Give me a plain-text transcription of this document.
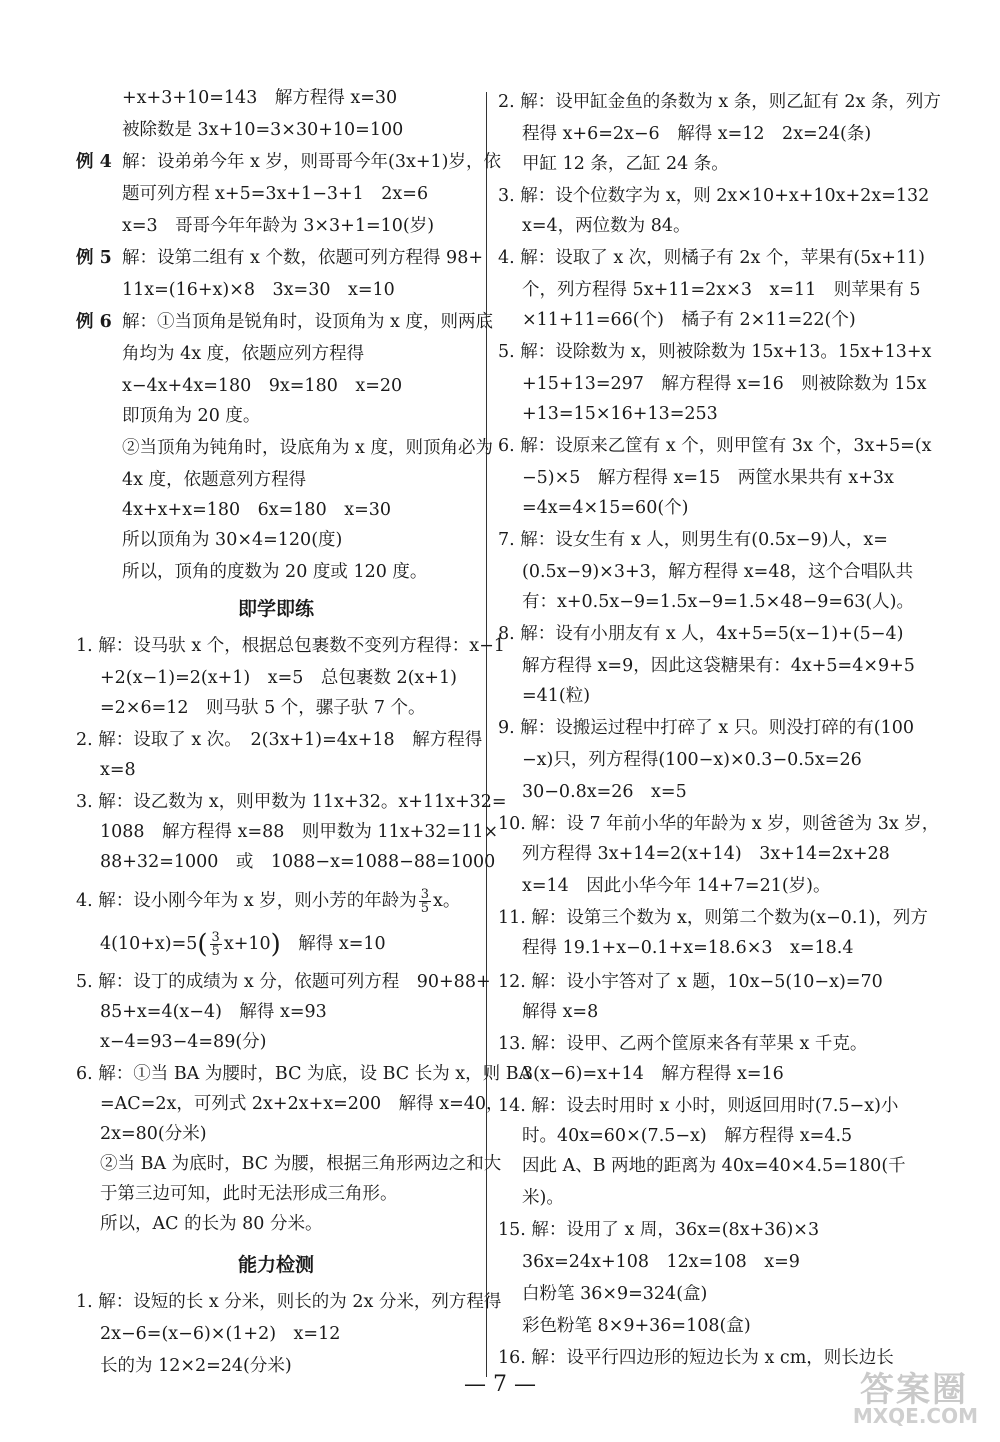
+x+3+10=143　解方程得 x=30
被除数是 3x+10=3×30+10=100
例 4 解：设弟弟今年 x 岁，则哥哥今年(3x+1)岁，依
题可列方程 x+5=3x+1−3+1　2x=6
x=3　哥哥今年年龄为 3×3+1=10(岁)
例 5 解：设第二组有 x 个数，依题可列方程得 98+
11x=(16+x)×8　3x=30　x=10
例 6 解：①当顶角是锐角时，设顶角为 x 度，则两底
角均为 4x 度，依题应列方程得
x−4x+4x=180　9x=180　x=20
即顶角为 20 度。
②当顶角为钝角时，设底角为 x 度，则顶角必为
4x 度，依题意列方程得
4x+x+x=180　6x=180　x=30
所以顶角为 30×4=120(度)
所以，顶角的度数为 20 度或 120 度。
即学即练
1. 解：设马驮 x 个，根据总包裹数不变列方程得：x−1
+2(x−1)=2(x+1)　x=5　总包裹数 2(x+1)
=2×6=12　则马驮 5 个，骡子驮 7 个。
2. 解：设取了 x 次。　2(3x+1)=4x+18　解方程得
x=8
3. 解：设乙数为 x，则甲数为 11x+32。x+11x+32=
1088　解方程得 x=88　则甲数为 11x+32=11×
88+32=1000　或　1088−x=1088−88=1000
4. 解：设小刚今年为 x 岁，则小芳的年龄为 $\frac{3}{5}$ x。
$4(10+x)=5( \frac{3}{5} x+10)$　解得 x=10
5. 解：设丁的成绩为 x 分，依题可列方程　90+88+
85+x=4(x−4)　解得 x=93
x−4=93−4=89(分)
6. 解：①当 BA 为腰时，BC 为底，设 BC 长为 x，则 BA
=AC=2x，可列式 2x+2x+x=200　解得 x=40，
2x=80(分米)
②当 BA 为底时，BC 为腰，根据三角形两边之和大
于第三边可知，此时无法形成三角形。
所以，AC 的长为 80 分米。
能力检测
1. 解：设短的长 x 分米，则长的为 2x 分米，列方程得
2x−6=(x−6)×(1+2)　x=12
长的为 12×2=24(分米)
2. 解：设甲缸金鱼的条数为 x 条，则乙缸有 2x 条，列方
程得 x+6=2x−6　解得 x=12　2x=24(条)
甲缸 12 条，乙缸 24 条。
3. 解：设个位数字为 x，则 2x×10+x+10x+2x=132
x=4，两位数为 84。
4. 解：设取了 x 次，则橘子有 2x 个，苹果有(5x+11)
个，列方程得 5x+11=2x×3　x=11　则苹果有 5
×11+11=66(个)　橘子有 2×11=22(个)
5. 解：设除数为 x，则被除数为 15x+13。15x+13+x
+15+13=297　解方程得 x=16　则被除数为 15x
+13=15×16+13=253
6. 解：设原来乙筐有 x 个，则甲筐有 3x 个，3x+5=(x
−5)×5　解方程得 x=15　两筐水果共有 x+3x
=4x=4×15=60(个)
7. 解：设女生有 x 人，则男生有(0.5x−9)人，x=
(0.5x−9)×3+3，解方程得 x=48，这个合唱队共
有：x+0.5x−9=1.5x−9=1.5×48−9=63(人)。
8. 解：设有小朋友有 x 人，4x+5=5(x−1)+(5−4)
解方程得 x=9，因此这袋糖果有：4x+5=4×9+5
=41(粒)
9. 解：设搬运过程中打碎了 x 只。则没打碎的有(100
−x)只，列方程得(100−x)×0.3−0.5x=26
30−0.8x=26　x=5
10. 解：设 7 年前小华的年龄为 x 岁，则爸爸为 3x 岁，
列方程得 3x+14=2(x+14)　3x+14=2x+28
x=14　因此小华今年 14+7=21(岁)。
11. 解：设第三个数为 x，则第二个数为(x−0.1)，列方
程得 19.1+x−0.1+x=18.6×3　x=18.4
12. 解：设小宇答对了 x 题，10x−5(10−x)=70
解得 x=8
13. 解：设甲、乙两个筐原来各有苹果 x 千克。
3(x−6)=x+14　解方程得 x=16
14. 解：设去时用时 x 小时，则返回用时(7.5−x)小
时。40x=60×(7.5−x)　解方程得 x=4.5
因此 A、B 两地的距离为 40x=40×4.5=180(千
米)。
15. 解：设用了 x 周，36x=(8x+36)×3
36x=24x+108　12x=108　x=9
白粉笔 36×9=324(盒)
彩色粉笔 8×9+36=108(盒)
16. 解：设平行四边形的短边长为 x cm，则长边长
— 7 —	答案圈
MXQE.COM
